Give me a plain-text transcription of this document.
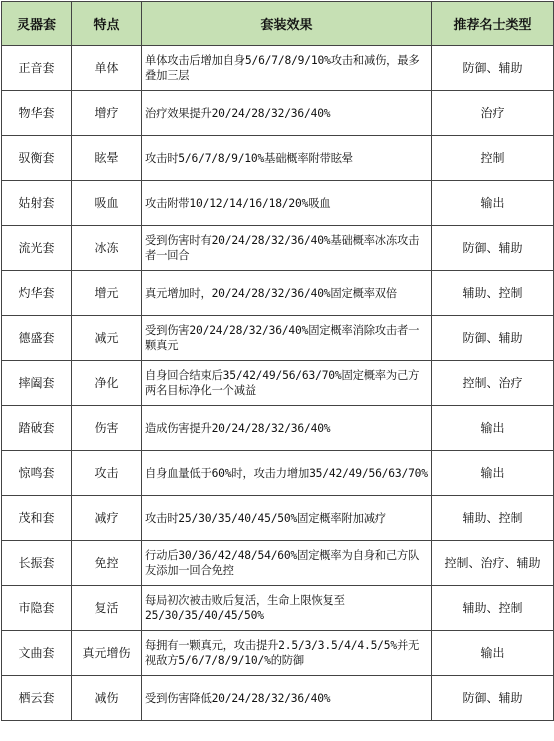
灵器套	特点	套装效果	推荐名士类型
正音套	单体	单体攻击后增加自身5/6/7/8/9/10%攻击和减伤，最多叠加三层	防御、辅助
物华套	增疗	治疗效果提升20/24/28/32/36/40%	治疗
驭衡套	眩晕	攻击时5/6/7/8/9/10%基础概率附带眩晕	控制
姑射套	吸血	攻击附带10/12/14/16/18/20%吸血	输出
流光套	冰冻	受到伤害时有20/24/28/32/36/40%基础概率冰冻攻击者一回合	防御、辅助
灼华套	增元	真元增加时，20/24/28/32/36/40%固定概率双倍	辅助、控制
德盛套	减元	受到伤害20/24/28/32/36/40%固定概率消除攻击者一颗真元	防御、辅助
摔阖套	净化	自身回合结束后35/42/49/56/63/70%固定概率为己方两名目标净化一个减益	控制、治疗
踏破套	伤害	造成伤害提升20/24/28/32/36/40%	输出
惊鸣套	攻击	自身血量低于60%时，攻击力增加35/42/49/56/63/70%	输出
茂和套	减疗	攻击时25/30/35/40/45/50%固定概率附加减疗	辅助、控制
长振套	免控	行动后30/36/42/48/54/60%固定概率为自身和己方队友添加一回合免控	控制、治疗、辅助
市隐套	复活	每局初次被击败后复活，生命上限恢复至25/30/35/40/45/50%	辅助、控制
文曲套	真元增伤	每拥有一颗真元，攻击提升2.5/3/3.5/4/4.5/5%并无视敌方5/6/7/8/9/10/%的防御	输出
栖云套	减伤	受到伤害降低20/24/28/32/36/40%	防御、辅助
